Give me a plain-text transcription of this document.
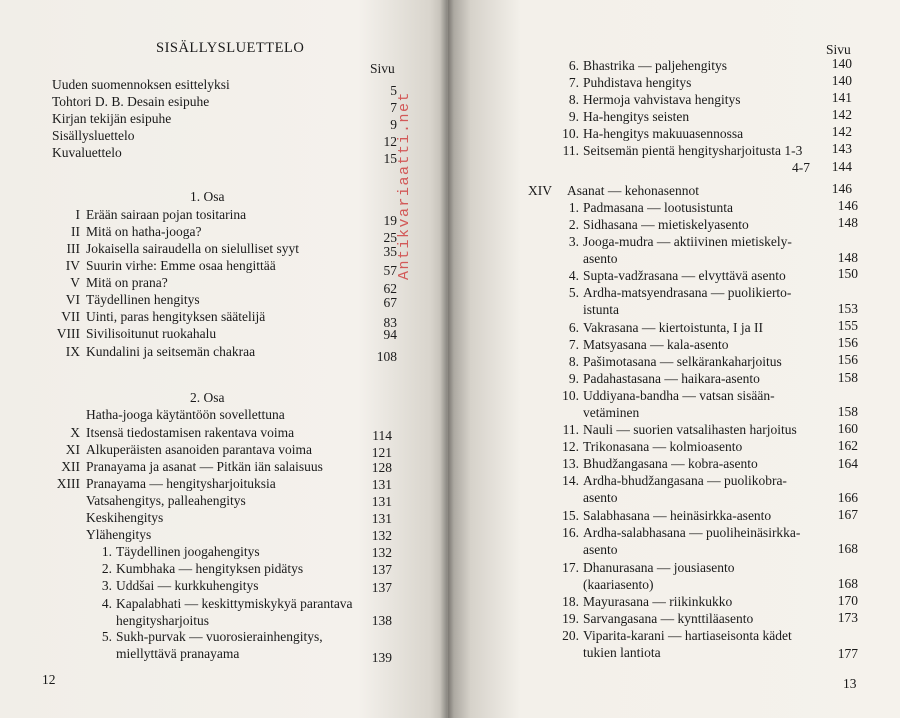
SISÄLLYSLUETTELO
Sivu
Uuden suomennoksen esittelyksi	5
Tohtori D. B. Desain esipuhe	7
Kirjan tekijän esipuhe	9
Sisällysluettelo	12
Kuvaluettelo	15
1. Osa
I Erään sairaan pojan tositarina	19
II Mitä on hatha-jooga?	25
III Jokaisella sairaudella on sielulliset syyt	35
IV Suurin virhe: Emme osaa hengittää	57
V Mitä on prana?	62
VI Täydellinen hengitys	67
VII Uinti, paras hengityksen säätelijä	83
VIII Sivilisoitunut ruokahalu	94
IX Kundalini ja seitsemän chakraa	108
2. Osa
Hatha-jooga käytäntöön sovellettuna
X Itsensä tiedostamisen rakentava voima	114
XI Alkuperäisten asanoiden parantava voima	121
XII Pranayama ja asanat — Pitkän iän salaisuus	128
XIII Pranayama — hengitysharjoituksia	131
Vatsahengitys, palleahengitys	131
Keskihengitys	131
Ylähengitys	132
1. Täydellinen joogahengitys	132
2. Kumbhaka — hengityksen pidätys	137
3. Uddšai — kurkkuhengitys	137
4. Kapalabhati — keskittymiskykyä parantava
hengitysharjoitus	138
5. Sukh-purvak — vuorosierainhengitys,
miellyttävä pranayama	139
12
Sivu
6. Bhastrika — paljehengitys	140
7. Puhdistava hengitys	140
8. Hermoja vahvistava hengitys	141
9. Ha-hengitys seisten	142
10. Ha-hengitys makuuasennossa	142
11. Seitsemän pientä hengitysharjoitusta 1-3	143
4-7	144
XIV Asanat — kehonasennot	146
1. Padmasana — lootusistunta	146
2. Sidhasana — mietiskelyasento	148
3. Jooga-mudra — aktiivinen mietiskely-
asento	148
4. Supta-vadžrasana — elvyttävä asento	150
5. Ardha-matsyendrasana — puolikierto-
istunta	153
6. Vakrasana — kiertoistunta, I ja II	155
7. Matsyasana — kala-asento	156
8. Pašimotasana — selkärankaharjoitus	156
9. Padahastasana — haikara-asento	158
10. Uddiyana-bandha — vatsan sisään-
vetäminen	158
11. Nauli — suorien vatsalihasten harjoitus	160
12. Trikonasana — kolmioasento	162
13. Bhudžangasana — kobra-asento	164
14. Ardha-bhudžangasana — puolikobra-
asento	166
15. Salabhasana — heinäsirkka-asento	167
16. Ardha-salabhasana — puoliheinäsirkka-
asento	168
17. Dhanurasana — jousiasento
(kaariasento)	168
18. Mayurasana — riikinkukko	170
19. Sarvangasana — kynttiläasento	173
20. Viparita-karani — hartiaseisonta kädet
tukien lantiota	177
13
Antikvariaatti.net
